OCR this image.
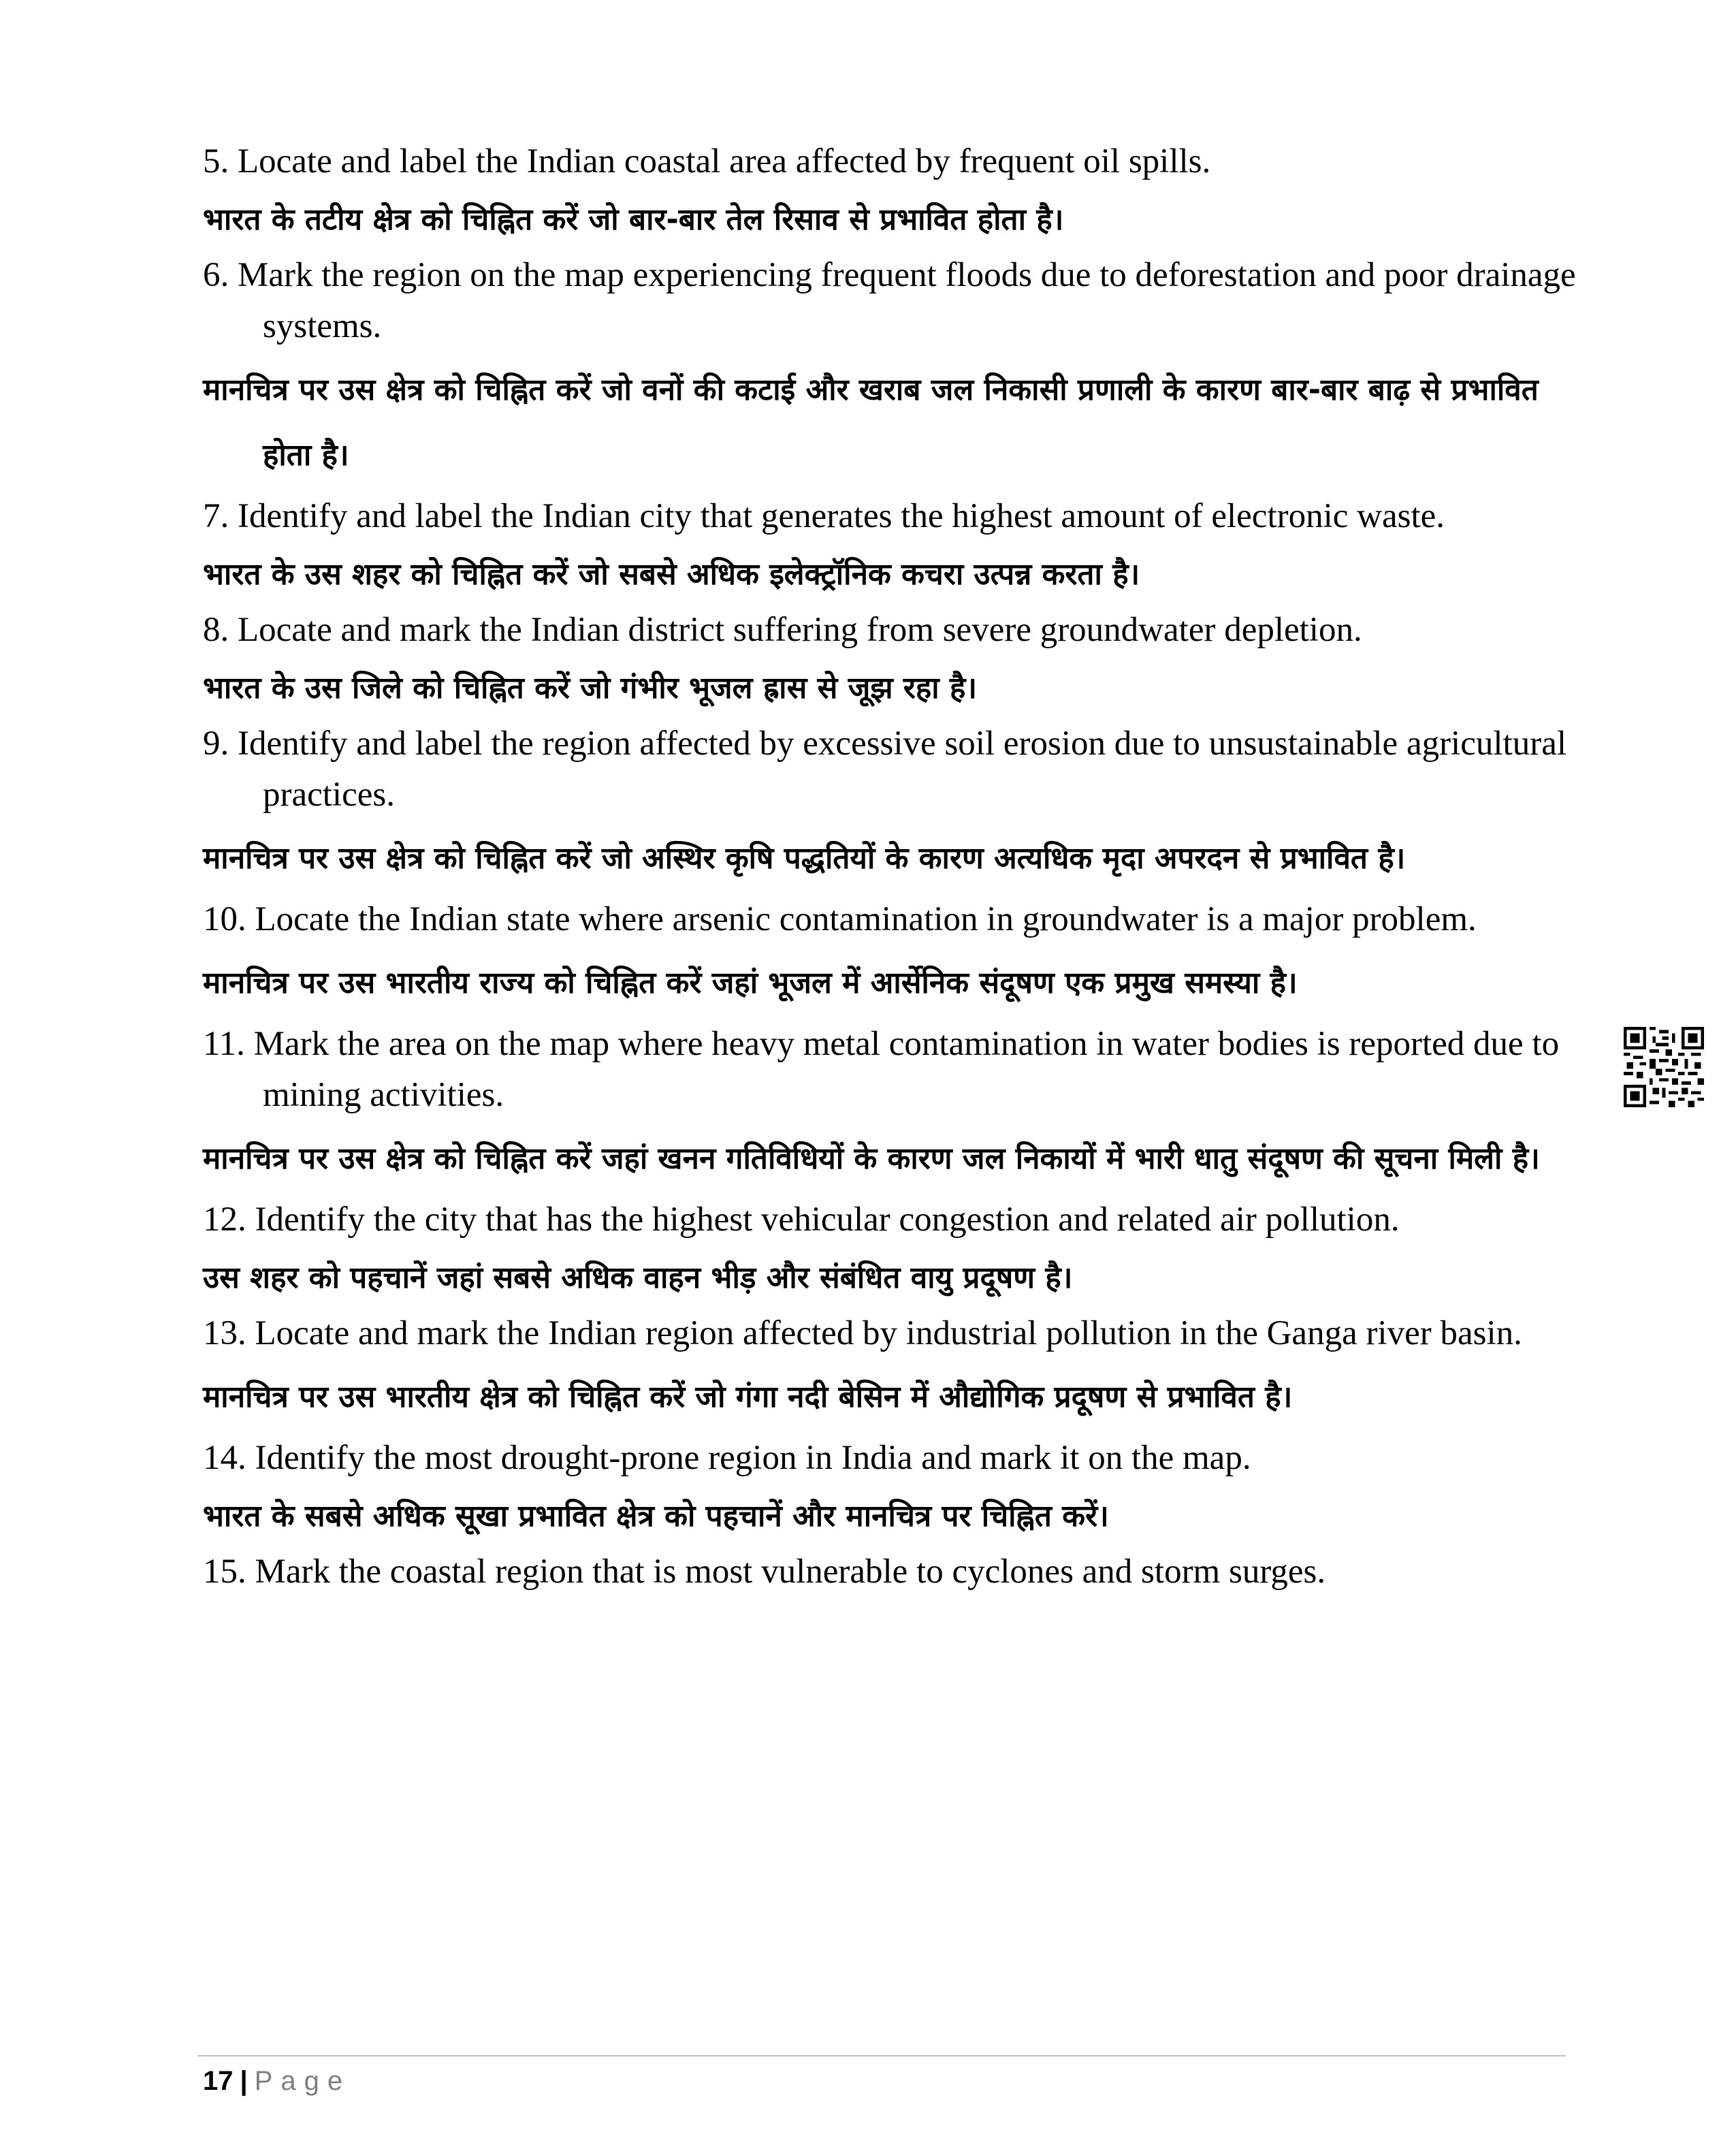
5. Locate and label the Indian coastal area affected by frequent oil spills.

भारत के तटीय क्षेत्र को चिह्नित करें जो बार-बार तेल रिसाव से प्रभावित होता है।

6. Mark the region on the map experiencing frequent floods due to deforestation and poor drainage systems.

मानचित्र पर उस क्षेत्र को चिह्नित करें जो वनों की कटाई और खराब जल निकासी प्रणाली के कारण बार-बार बाढ़ से प्रभावित होता है।

7. Identify and label the Indian city that generates the highest amount of electronic waste.

भारत के उस शहर को चिह्नित करें जो सबसे अधिक इलेक्ट्रॉनिक कचरा उत्पन्न करता है।

8. Locate and mark the Indian district suffering from severe groundwater depletion.

भारत के उस जिले को चिह्नित करें जो गंभीर भूजल ह्रास से जूझ रहा है।

9. Identify and label the region affected by excessive soil erosion due to unsustainable agricultural practices.

मानचित्र पर उस क्षेत्र को चिह्नित करें जो अस्थिर कृषि पद्धतियों के कारण अत्यधिक मृदा अपरदन से प्रभावित है।

10. Locate the Indian state where arsenic contamination in groundwater is a major problem.

मानचित्र पर उस भारतीय राज्य को चिह्नित करें जहां भूजल में आर्सेनिक संदूषण एक प्रमुख समस्या है।

11. Mark the area on the map where heavy metal contamination in water bodies is reported due to mining activities.

मानचित्र पर उस क्षेत्र को चिह्नित करें जहां खनन गतिविधियों के कारण जल निकायों में भारी धातु संदूषण की सूचना मिली है।

12. Identify the city that has the highest vehicular congestion and related air pollution.

उस शहर को पहचानें जहां सबसे अधिक वाहन भीड़ और संबंधित वायु प्रदूषण है।

13. Locate and mark the Indian region affected by industrial pollution in the Ganga river basin.

मानचित्र पर उस भारतीय क्षेत्र को चिह्नित करें जो गंगा नदी बेसिन में औद्योगिक प्रदूषण से प्रभावित है।

14. Identify the most drought-prone region in India and mark it on the map.

भारत के सबसे अधिक सूखा प्रभावित क्षेत्र को पहचानें और मानचित्र पर चिह्नित करें।

15. Mark the coastal region that is most vulnerable to cyclones and storm surges.

17 | Page
